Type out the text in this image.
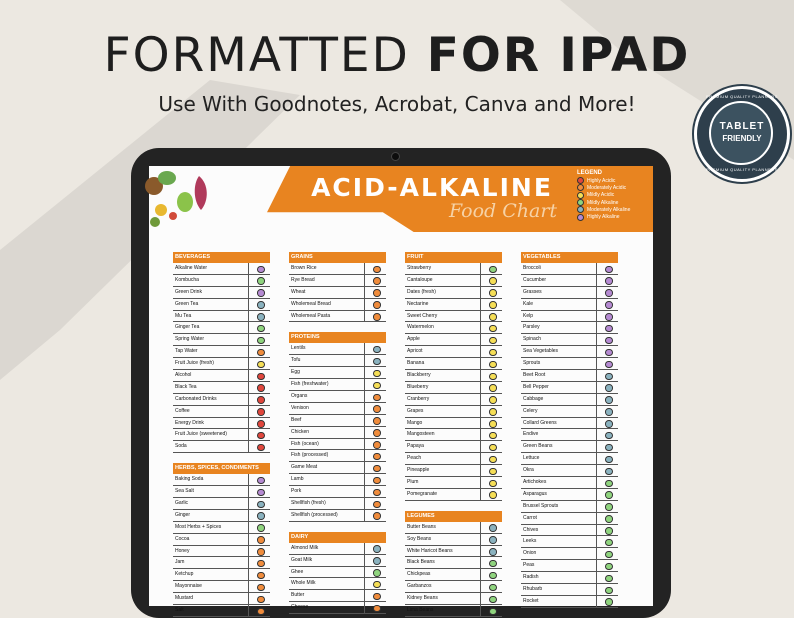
FORMATTED FOR IPAD
Use With Goodnotes, Acrobat, Canva and More!	PREMIUM QUALITY PLANNERS
TABLET
FRIENDLY
PREMIUM QUALITY PLANNERS
ACID-ALKALINE
Food Chart
LEGEND
Highly Acidic
Moderately Acidic
Mildly Acidic
Mildly Alkaline
Moderately Alkaline
Highly Alkaline
BEVERAGES
Alkaline Water
Kombucha
Green Drink
Green Tea
Mu Tea
Ginger Tea
Spring Water
Tap Water
Fruit Juice (fresh)
Alcohol
Black Tea
Carbonated Drinks
Coffee
Energy Drink
Fruit Juice (sweetened)
Soda
HERBS, SPICES, CONDIMENTS
Baking Soda
Sea Salt
Garlic
Ginger
Most Herbs + Spices
Cocoa
Honey
Jam
Ketchup
Mayonnaise
Mustard
Salt
GRAINS
Brown Rice
Rye Bread
Wheat
Wholemeal Bread
Wholemeal Pasta
PROTEINS
Lentils
Tofu
Egg
Fish (freshwater)
Organs
Venison
Beef
Chicken
Fish (ocean)
Fish (processed)
Game Meat
Lamb
Pork
Shellfish (fresh)
Shellfish (processed)
DAIRY
Almond Milk
Goat Milk
Ghee
Whole Milk
Butter
Cheese
FRUIT
Strawberry
Cantaloupe
Dates (fresh)
Nectarine
Sweet Cherry
Watermelon
Apple
Apricot
Banana
Blackberry
Blueberry
Cranberry
Grapes
Mango
Mangosteen
Papaya
Peach
Pineapple
Plum
Pomegranate
LEGUMES
Butter Beans
Soy Beans
White Haricot Beans
Black Beans
Chickpeas
Garbanzos
Kidney Beans
Lima Beans
VEGETABLES
Broccoli
Cucumber
Grasses
Kale
Kelp
Parsley
Spinach
Sea Vegetables
Sprouts
Beet Root
Bell Pepper
Cabbage
Celery
Collard Greens
Endive
Green Beans
Lettuce
Okra
Artichokes
Asparagus
Brussel Sprouts
Carrot
Chives
Leeks
Onion
Peas
Radish
Rhubarb
Rocket
